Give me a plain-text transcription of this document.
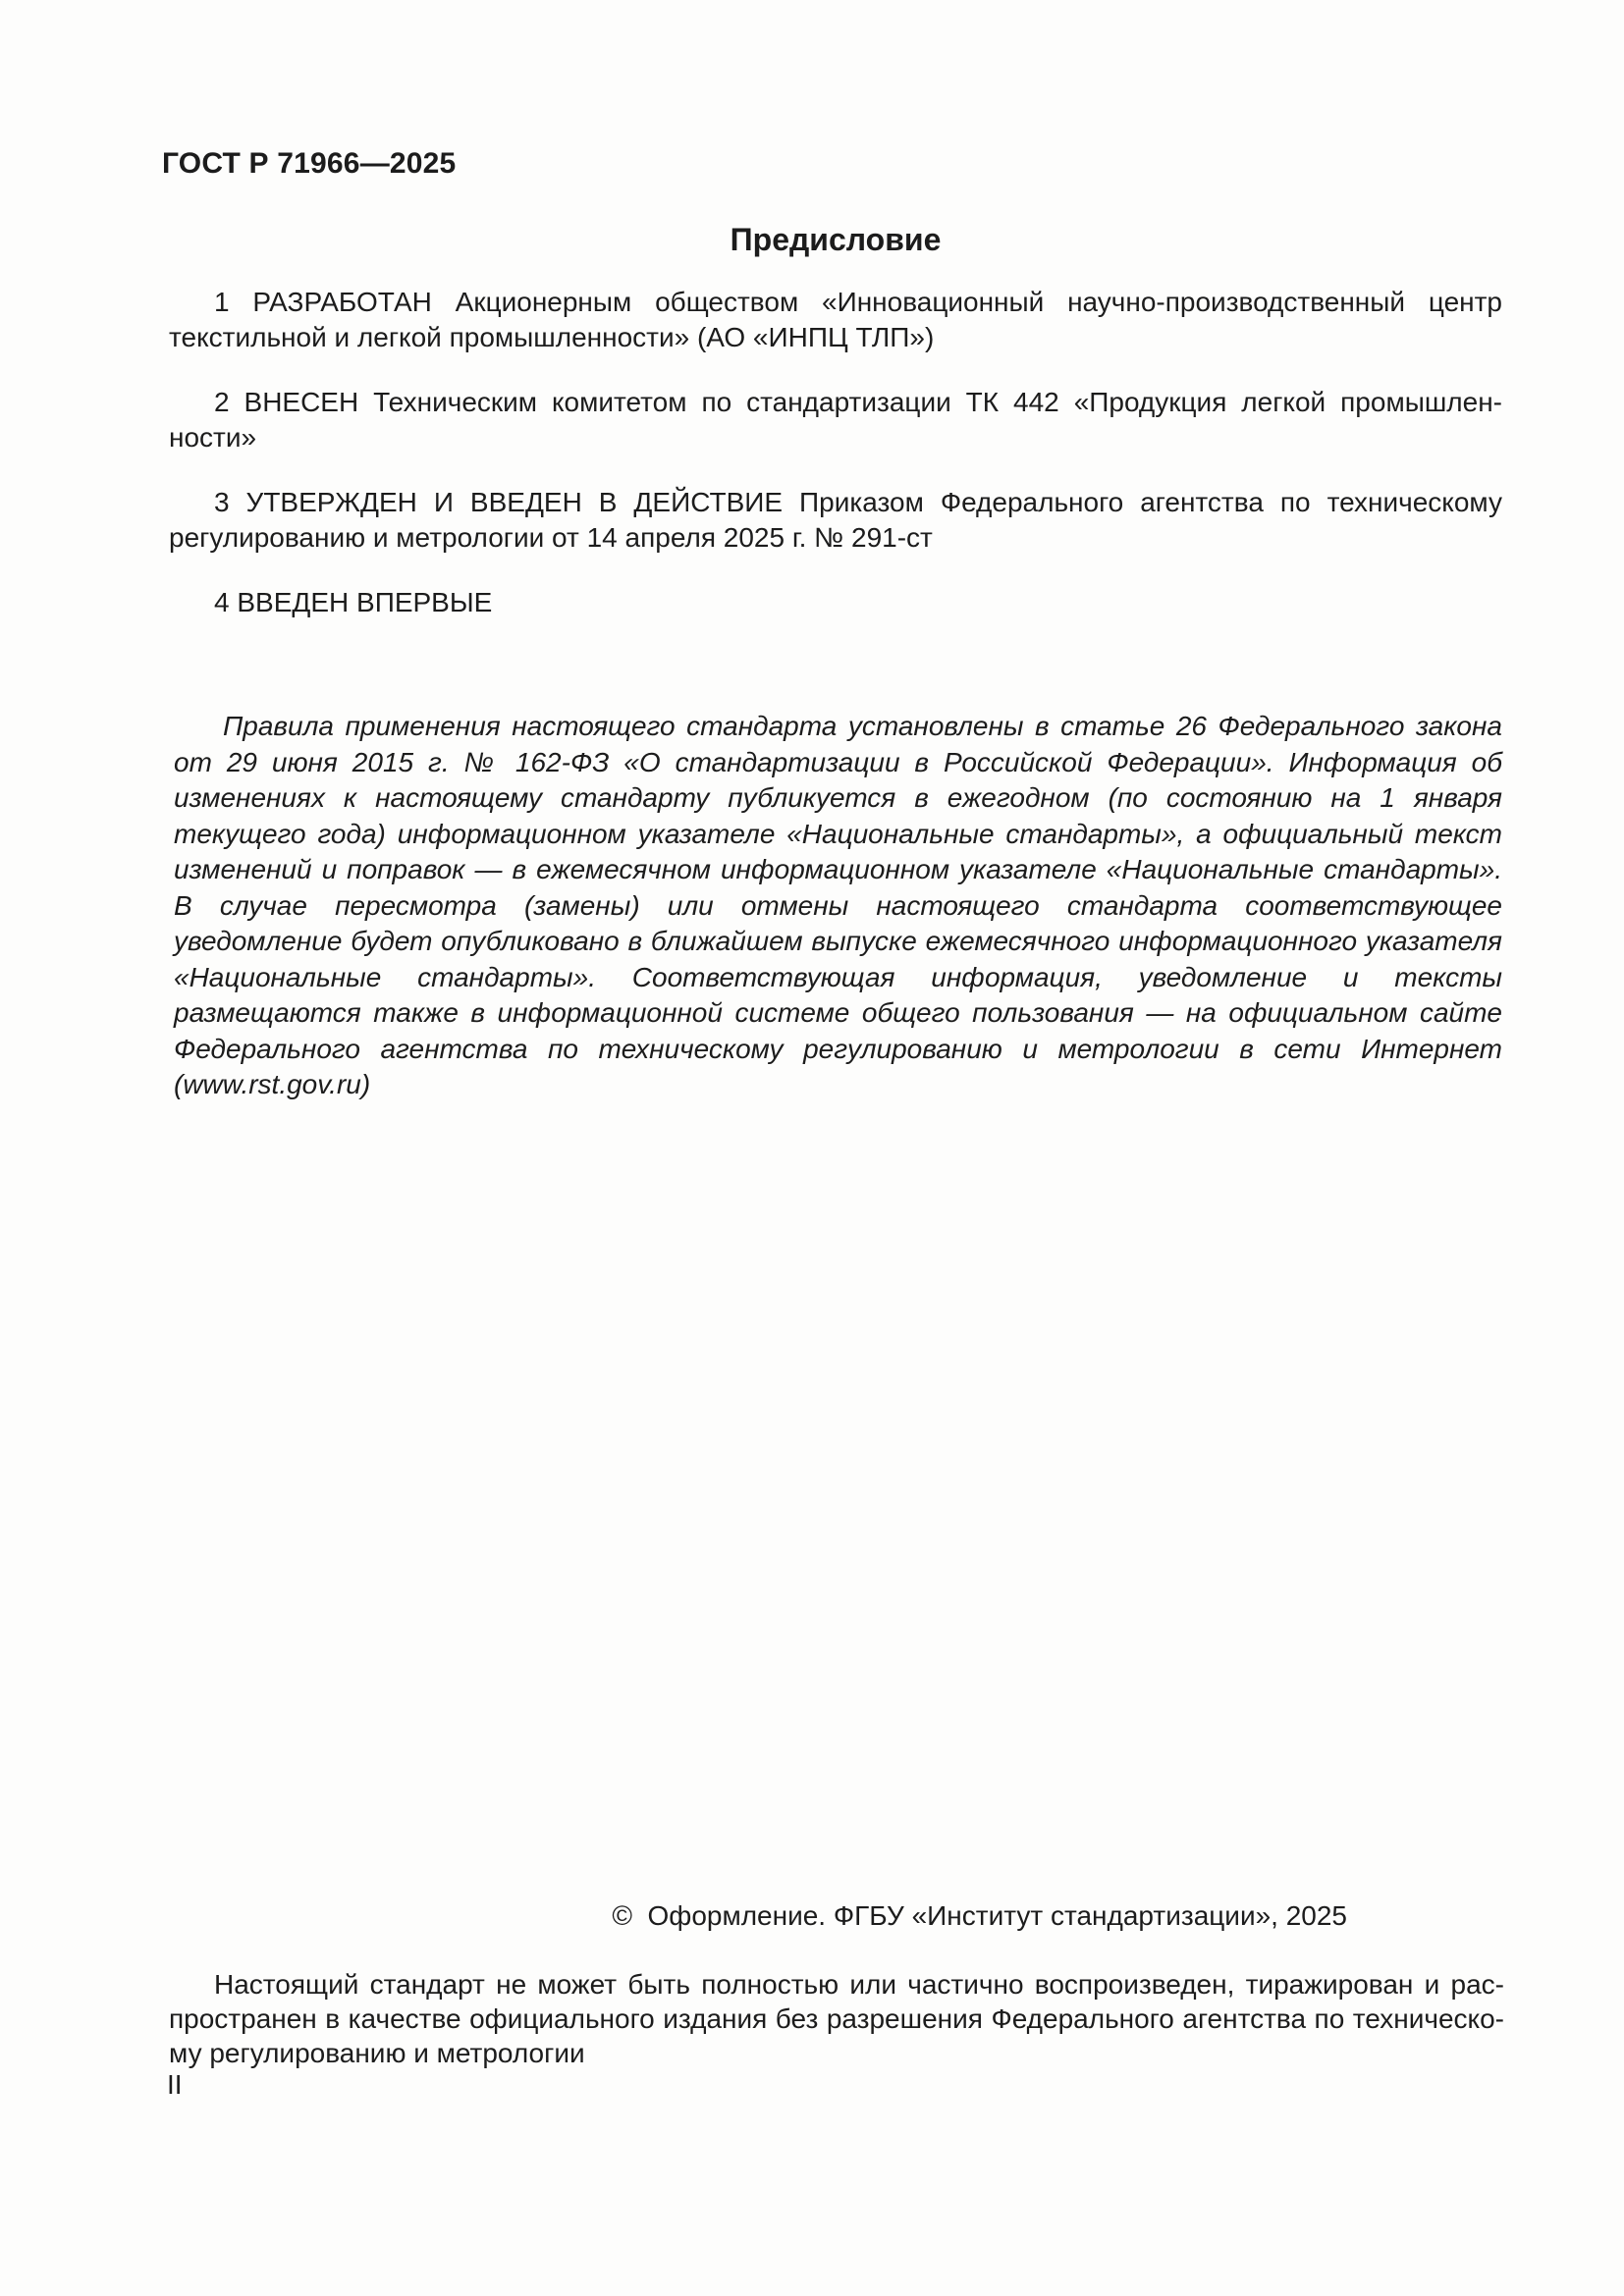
ГОСТ Р 71966—2025
Предисловие

1 РАЗРАБОТАН Акционерным обществом «Инновационный научно-производственный центр текстильной и легкой промышленности» (АО «ИНПЦ ТЛП»)

2 ВНЕСЕН Техническим комитетом по стандартизации ТК 442 «Продукция легкой промышленности»

3 УТВЕРЖДЕН И ВВЕДЕН В ДЕЙСТВИЕ Приказом Федерального агентства по техническому регулированию и метрологии от 14 апреля 2025 г. № 291-ст

4 ВВЕДЕН ВПЕРВЫЕ

Правила применения настоящего стандарта установлены в статье 26 Федерального закона от 29 июня 2015 г. № 162-ФЗ «О стандартизации в Российской Федерации». Информация об изменениях к настоящему стандарту публикуется в ежегодном (по состоянию на 1 января текущего года) информационном указателе «Национальные стандарты», а официальный текст изменений и поправок — в ежемесячном информационном указателе «Национальные стандарты». В случае пересмотра (замены) или отмены настоящего стандарта соответствующее уведомление будет опубликовано в ближайшем выпуске ежемесячного информационного указателя «Национальные стандарты». Соответствующая информация, уведомление и тексты размещаются также в информационной системе общего пользования — на официальном сайте Федерального агентства по техническому регулированию и метрологии в сети Интернет (www.rst.gov.ru)
©  Оформление. ФГБУ «Институт стандартизации», 2025
Настоящий стандарт не может быть полностью или частично воспроизведен, тиражирован и распространен в качестве официального издания без разрешения Федерального агентства по техническому регулированию и метрологии
II
